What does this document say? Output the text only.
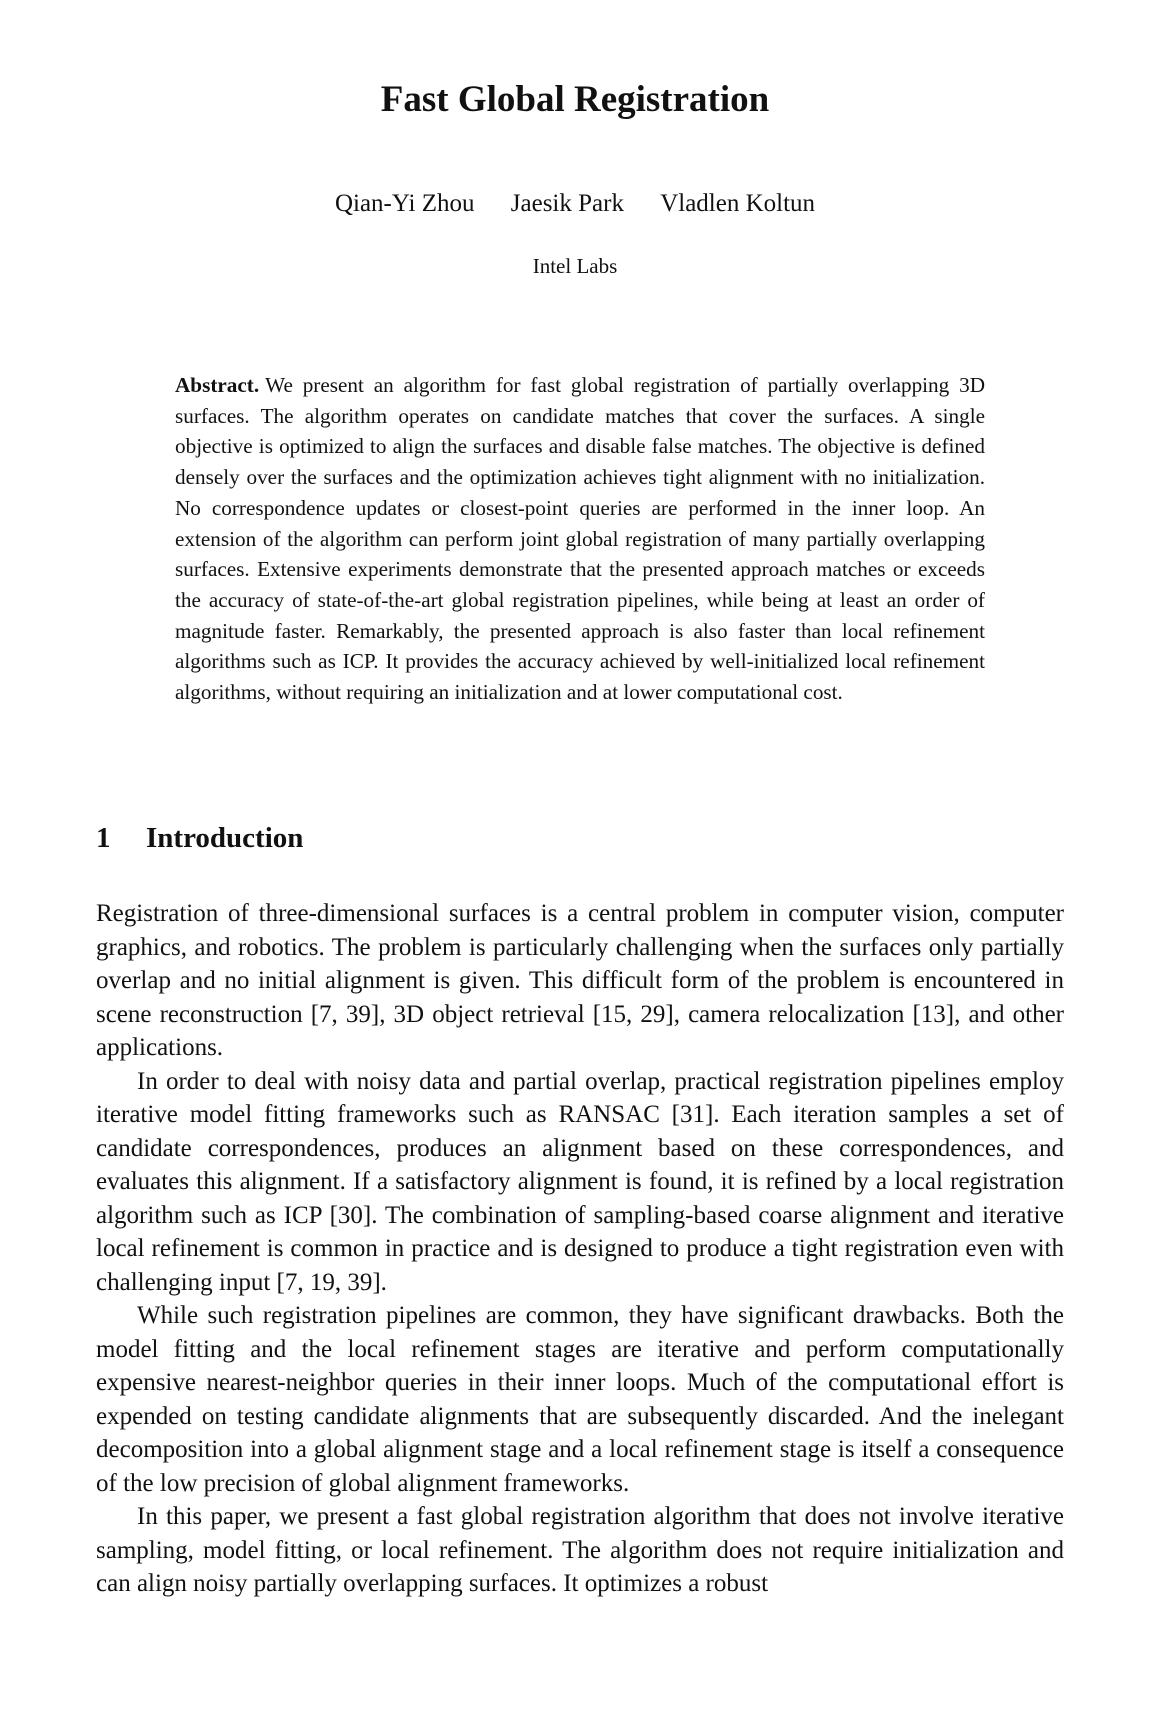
Fast Global Registration
Qian-Yi Zhou Jaesik Park Vladlen Koltun
Intel Labs

Abstract. We present an algorithm for fast global registration of partially overlapping 3D surfaces. The algorithm operates on candidate matches that cover the surfaces. A single objective is optimized to align the surfaces and disable false matches. The objective is defined densely over the surfaces and the optimization achieves tight alignment with no initialization. No correspondence updates or closest-point queries are performed in the inner loop. An extension of the algorithm can perform joint global registration of many partially overlapping surfaces. Extensive experiments demonstrate that the presented approach matches or exceeds the accuracy of state-of-the-art global registration pipelines, while being at least an order of magnitude faster. Remarkably, the presented approach is also faster than local refinement algorithms such as ICP. It provides the accuracy achieved by well-initialized local refinement algorithms, without requiring an initialization and at lower computational cost.

1 Introduction

Registration of three-dimensional surfaces is a central problem in computer vision, computer graphics, and robotics. The problem is particularly challenging when the surfaces only partially overlap and no initial alignment is given. This difficult form of the problem is encountered in scene reconstruction [7, 39], 3D object retrieval [15, 29], camera relocalization [13], and other applications.

In order to deal with noisy data and partial overlap, practical registration pipelines employ iterative model fitting frameworks such as RANSAC [31]. Each iteration samples a set of candidate correspondences, produces an alignment based on these correspondences, and evaluates this alignment. If a satisfactory alignment is found, it is refined by a local registration algorithm such as ICP [30]. The combination of sampling-based coarse alignment and iterative local refinement is common in practice and is designed to produce a tight registration even with challenging input [7, 19, 39].

While such registration pipelines are common, they have significant drawbacks. Both the model fitting and the local refinement stages are iterative and perform computationally expensive nearest-neighbor queries in their inner loops. Much of the computational effort is expended on testing candidate alignments that are subsequently discarded. And the inelegant decomposition into a global alignment stage and a local refinement stage is itself a consequence of the low precision of global alignment frameworks.

In this paper, we present a fast global registration algorithm that does not involve iterative sampling, model fitting, or local refinement. The algorithm does not require initialization and can align noisy partially overlapping surfaces. It optimizes a robust
